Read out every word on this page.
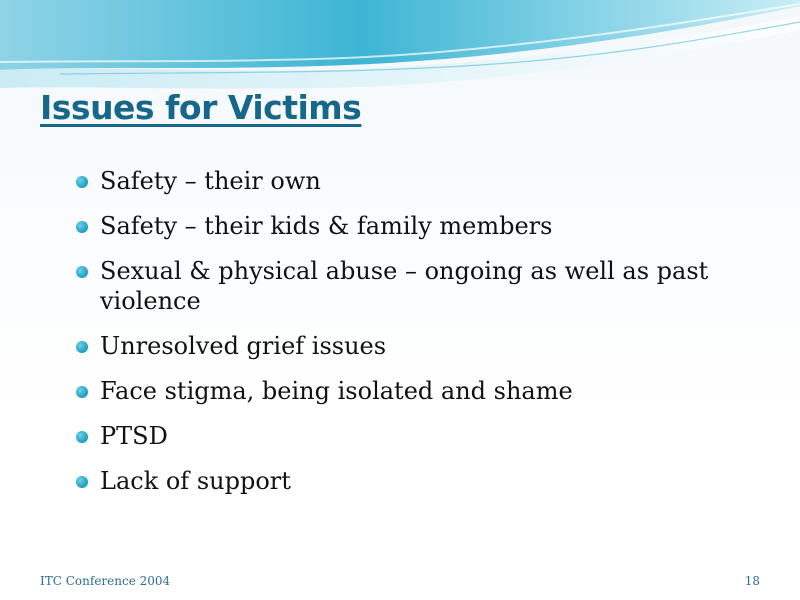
Issues for Victims
Safety – their own
Safety – their kids & family members
Sexual & physical abuse – ongoing as well as past violence
Unresolved grief issues
Face stigma, being isolated and shame
PTSD
Lack of support
ITC Conference 2004	18
